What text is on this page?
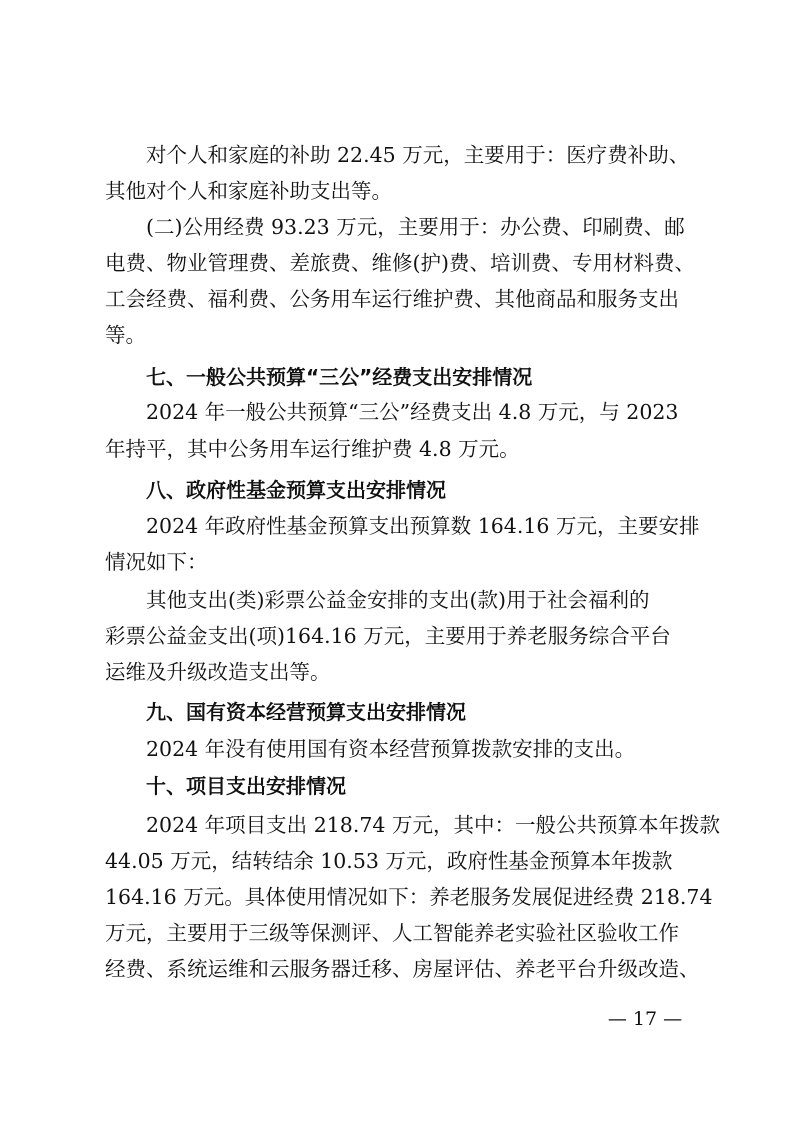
对个人和家庭的补助 22.45 万元，主要用于：医疗费补助、
其他对个人和家庭补助支出等。
(二)公用经费 93.23 万元，主要用于：办公费、印刷费、邮
电费、物业管理费、差旅费、维修(护)费、培训费、专用材料费、
工会经费、福利费、公务用车运行维护费、其他商品和服务支出
等。
七、一般公共预算“三公”经费支出安排情况
2024 年一般公共预算“三公”经费支出 4.8 万元，与 2023
年持平，其中公务用车运行维护费 4.8 万元。
八、政府性基金预算支出安排情况
2024 年政府性基金预算支出预算数 164.16 万元，主要安排
情况如下：
其他支出(类)彩票公益金安排的支出(款)用于社会福利的
彩票公益金支出(项)164.16 万元，主要用于养老服务综合平台
运维及升级改造支出等。
九、国有资本经营预算支出安排情况
2024 年没有使用国有资本经营预算拨款安排的支出。
十、项目支出安排情况
2024 年项目支出 218.74 万元，其中：一般公共预算本年拨款
44.05 万元，结转结余 10.53 万元，政府性基金预算本年拨款
164.16 万元。具体使用情况如下：养老服务发展促进经费 218.74
万元，主要用于三级等保测评、人工智能养老实验社区验收工作
经费、系统运维和云服务器迁移、房屋评估、养老平台升级改造、
— 17 —
